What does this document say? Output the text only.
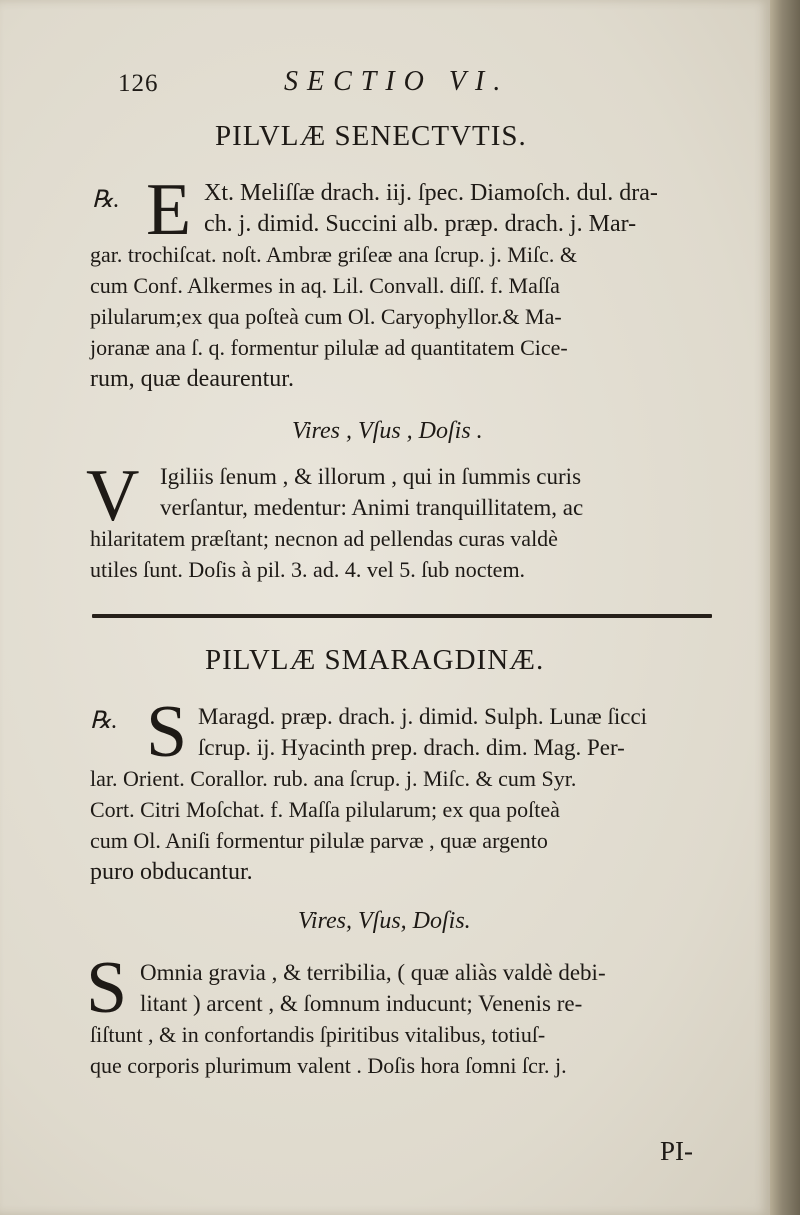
126	SECTIO VI.
PILVLÆ SENECTVTIS.
℞. E Xt. Meliſſæ drach. iij. ſpec. Diamoſch. dul. dra-
ch. j. dimid. Succini alb. præp. drach. j. Mar-
gar. trochiſcat. noſt. Ambræ griſeæ ana ſcrup. j. Miſc. &
cum Conf. Alkermes in aq. Lil. Convall. diſſ. f. Maſſa
pilularum;ex qua poſteà cum Ol. Caryophyllor.& Ma-
joranæ ana ſ. q. formentur pilulæ ad quantitatem Cice-
rum, quæ deaurentur.
Vires , Vſus , Doſis .
V Igiliis ſenum , & illorum , qui in ſummis curis
verſantur, medentur: Animi tranquillitatem, ac
hilaritatem præſtant; necnon ad pellendas curas valdè
utiles ſunt. Doſis à pil. 3. ad. 4. vel 5. ſub noctem.
PILVLÆ SMARAGDINÆ.
℞. S Maragd. præp. drach. j. dimid. Sulph. Lunæ ſicci
ſcrup. ij. Hyacinth prep. drach. dim. Mag. Per-
lar. Orient. Corallor. rub. ana ſcrup. j. Miſc. & cum Syr.
Cort. Citri Moſchat. f. Maſſa pilularum; ex qua poſteà
cum Ol. Aniſi formentur pilulæ parvæ , quæ argento
puro obducantur.
Vires, Vſus, Doſis.
S Omnia gravia , & terribilia, ( quæ aliàs valdè debi-
litant ) arcent , & ſomnum inducunt; Venenis re-
ſiſtunt , & in confortandis ſpiritibus vitalibus, totiuſ-
que corporis plurimum valent . Doſis hora ſomni ſcr. j.
PI-
